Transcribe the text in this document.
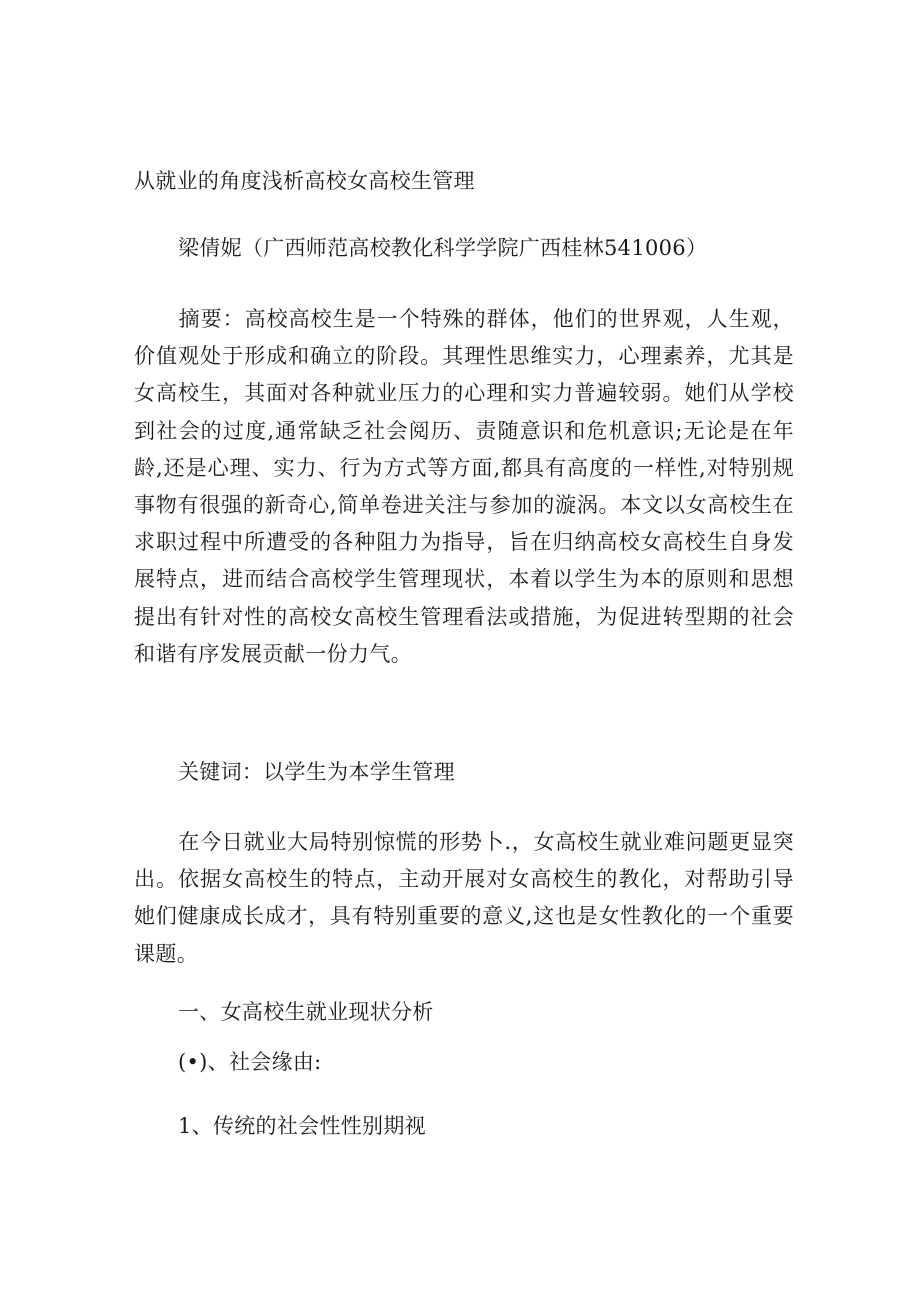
从就业的角度浅析高校女高校生管理
梁倩妮（广西师范高校教化科学学院广西桂林541006）
摘要：高校高校生是一个特殊的群体，他们的世界观，人生观，价值观处于形成和确立的阶段。其理性思维实力，心理素养，尤其是女高校生，其面对各种就业压力的心理和实力普遍较弱。她们从学校到社会的过度,通常缺乏社会阅历、责随意识和危机意识;无论是在年龄,还是心理、实力、行为方式等方面,都具有高度的一样性,对特别规事物有很强的新奇心,简单卷进关注与参加的漩涡。本文以女高校生在求职过程中所遭受的各种阻力为指导，旨在归纳高校女高校生自身发展特点，进而结合高校学生管理现状，本着以学生为本的原则和思想提出有针对性的高校女高校生管理看法或措施，为促进转型期的社会和谐有序发展贡献一份力气。
关键词：以学生为本学生管理
在今日就业大局特别惊慌的形势卜.，女高校生就业难问题更显突出。依据女高校生的特点，主动开展对女高校生的教化，对帮助引导她们健康成长成才，具有特别重要的意义,这也是女性教化的一个重要课题。
一、女高校生就业现状分析
(•)、社会缘由:
1、传统的社会性性别期视
